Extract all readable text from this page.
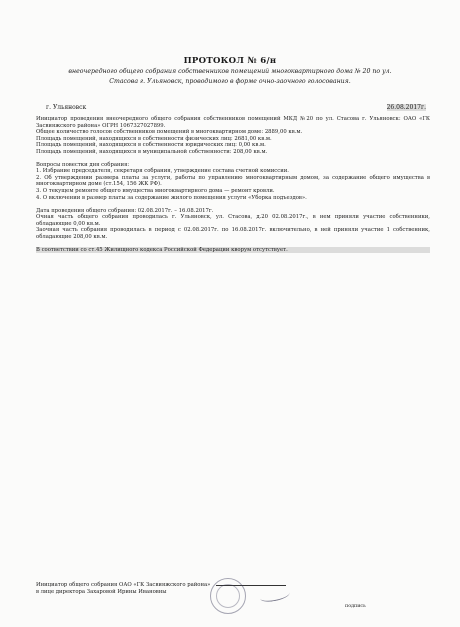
ПРОТОКОЛ № 6/н
внеочередного общего собрания собственников помещений многоквартирного дома № 20 по ул.
Стасова г. Ульяновск, проводимого в форме очно-заочного голосования.
г. Ульяновск	26.08.2017г.

Инициатор проведения внеочередного общего собрания собственников помещений МКД №20 по ул. Стасова г. Ульяновск: ОАО «ГК Засвияжского района» ОГРН 1067327027899.

Общее количество голосов собственников помещений в многоквартирном доме: 2889,00 кв.м.

Площадь помещений, находящихся в собственности физических лиц: 2681,00 кв.м.

Площадь помещений, находящихся в собственности юридических лиц: 0,00 кв.м.

Площадь помещений, находящихся в муниципальной собственности: 208,00 кв.м.

Вопросы повестки дня собрания:

1. Избрание председателя, секретаря собрания, утверждение состава счетной комиссии.

2. Об утверждении размера платы за услуги, работы по управлению многоквартирным домом, за содержание общего имущества в многоквартирном доме (ст.154, 156 ЖК РФ).

3. О текущем ремонте общего имущества многоквартирного дома — ремонт кровли.

4. О включении в размер платы за содержание жилого помещения услуги «Уборка подъездов».

Дата проведения общего собрания: 02.08.2017г. – 16.08.2017г.

Очная часть общего собрания проводилась г. Ульяновск, ул. Стасова, д.20 02.08.2017г., в нем приняли участие собственники, обладающие 0,00 кв.м.

Заочная часть собрания проводилась в период с 02.08.2017г. по 16.08.2017г. включительно, в ней приняли участие 1 собственник, обладающие 208,00 кв.м.

В соответствии со ст.45 Жилищного кодекса Российской Федерации кворум отсутствует.

Инициатор общего собрания ОАО «ГК Засвияжского района»
в лице директора Захаровой Ирины Ивановны
подпись
